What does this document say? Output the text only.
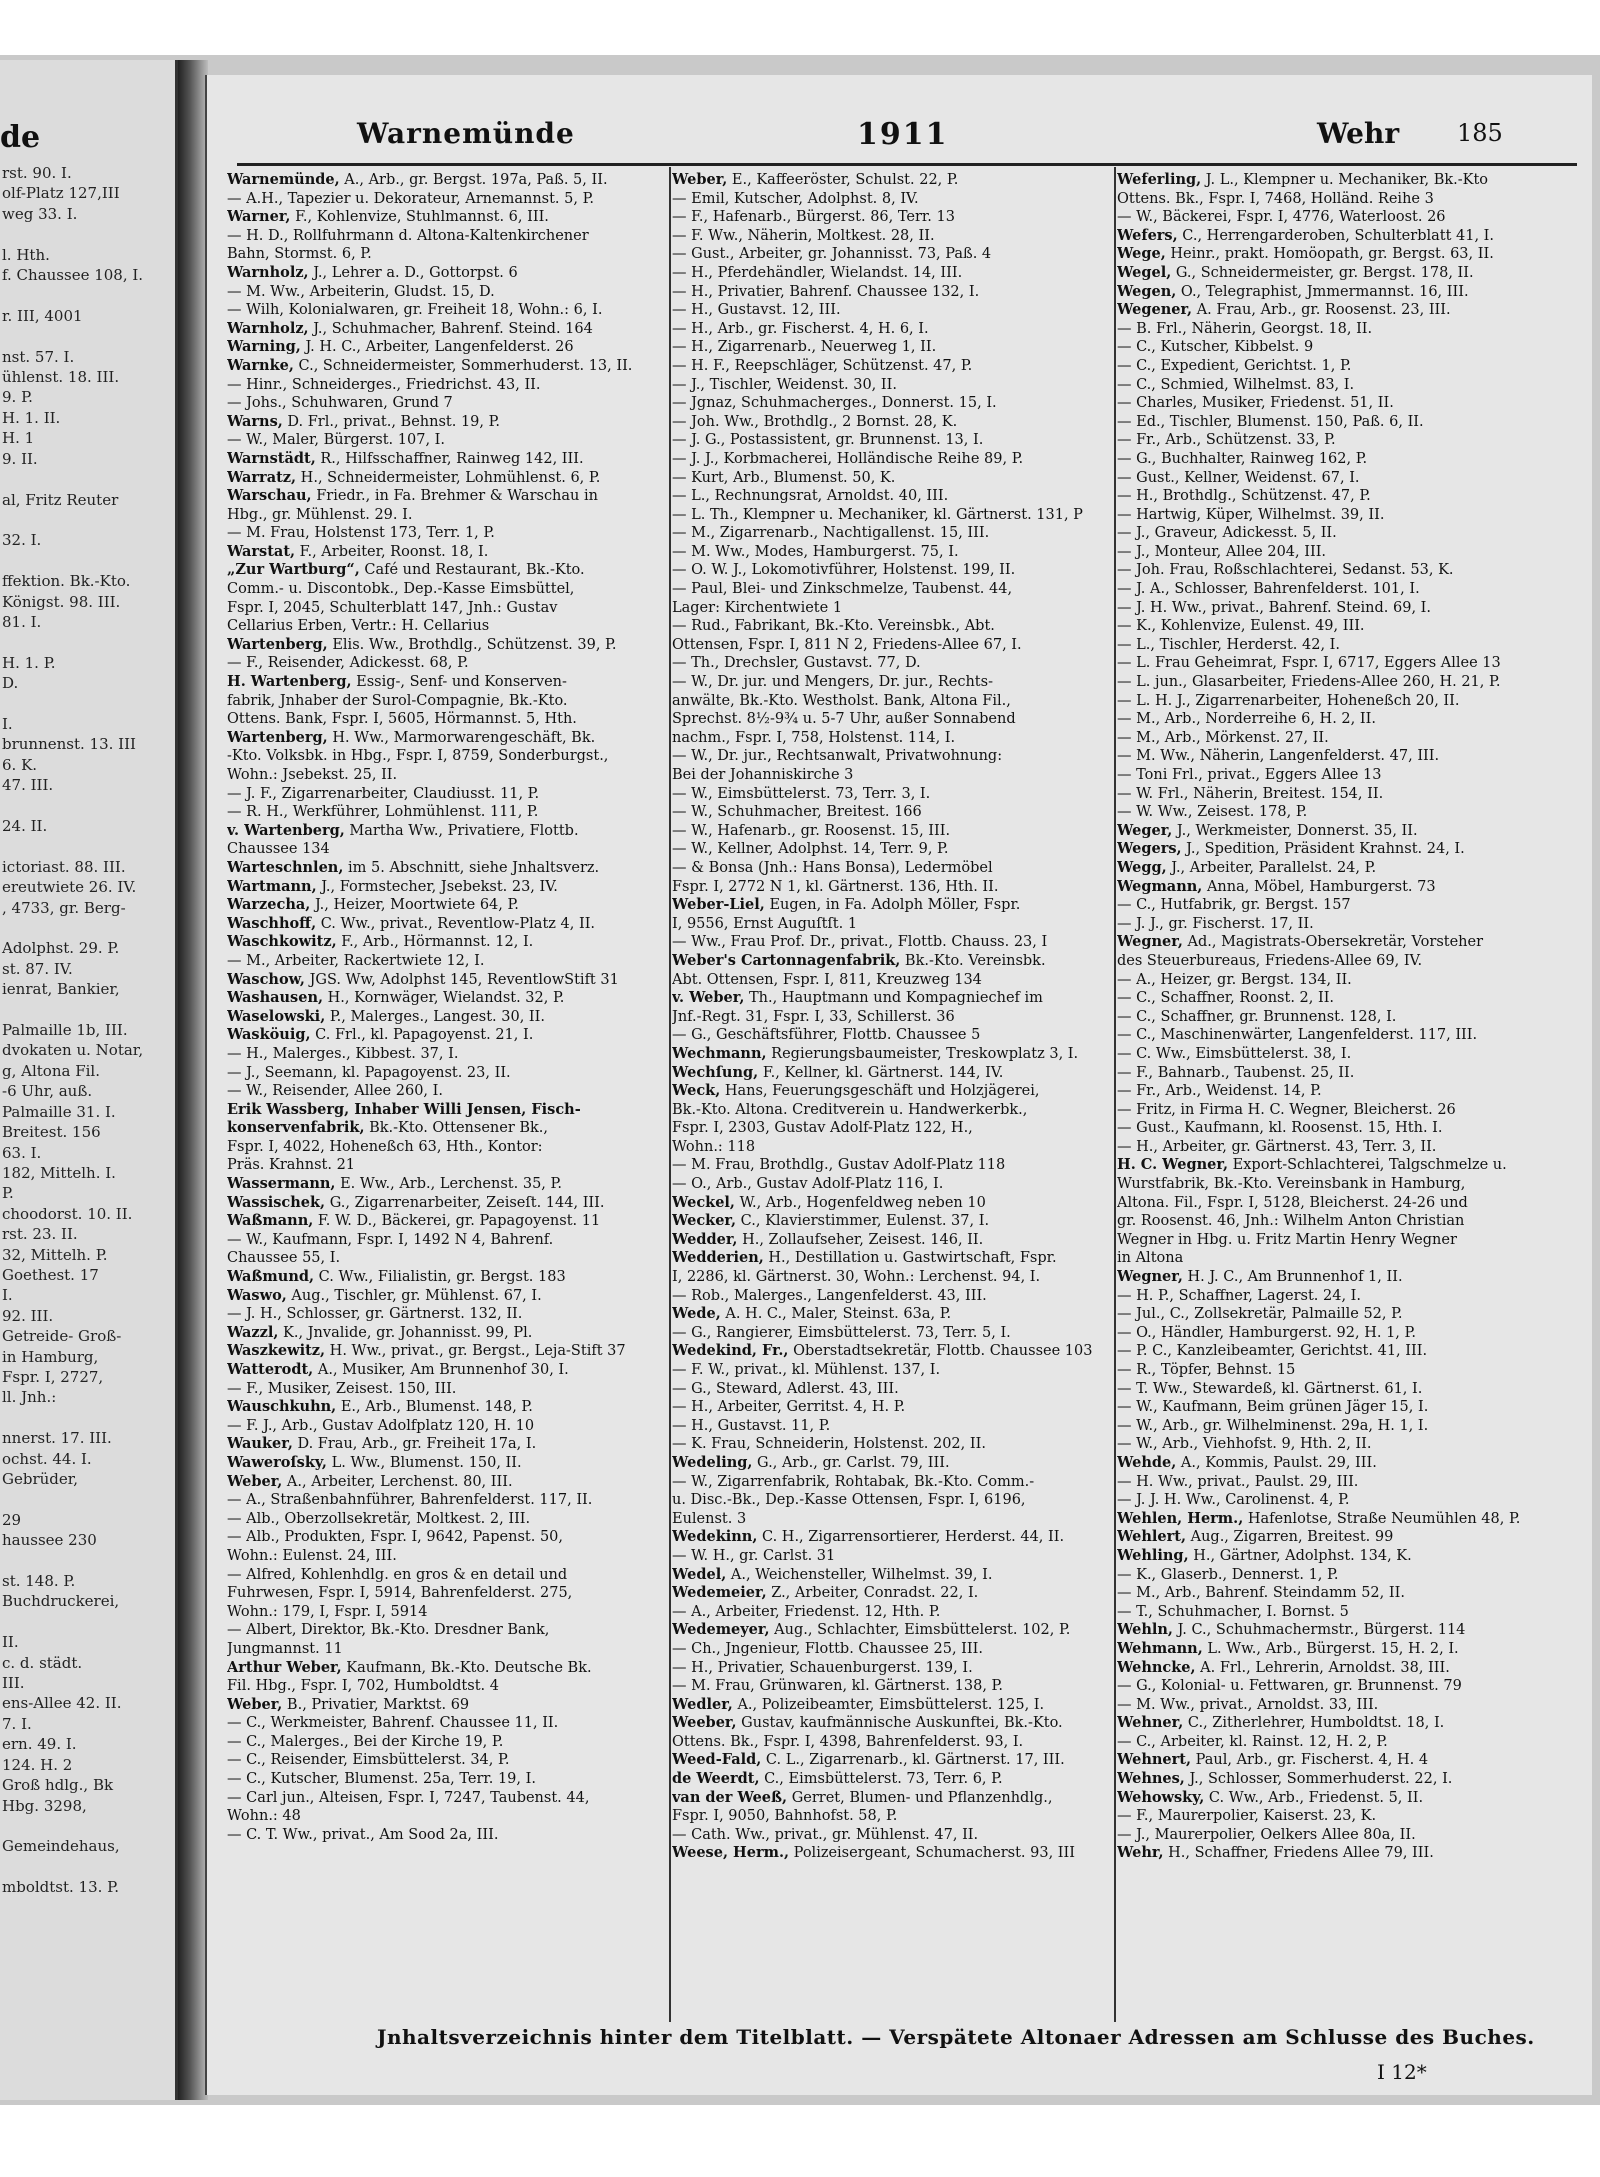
de
rst. 90. I.
olf-Platz 127,III
weg 33. I.

l. Hth.
f. Chaussee 108, I.

r. III, 4001

nst. 57. I.
ühlenst. 18. III.
9. P.
H. 1. II.
H. 1
9. II.

al, Fritz Reuter

32. I.

ffektion. Bk.-Kto.
Königst. 98. III.
81. I.

H. 1. P.
D.

I.
brunnenst. 13. III
6. K.
47. III.

24. II.

ictoriast. 88. III.
ereutwiete 26. IV.
, 4733, gr. Berg-

Adolphst. 29. P.
st. 87. IV.
ienrat, Bankier,

Palmaille 1b, III.
dvokaten u. Notar,
g, Altona Fil.
-6 Uhr, auß.
Palmaille 31. I.
Breitest. 156
63. I.
182, Mittelh. I.
P.
choodorst. 10. II.
rst. 23. II.
32, Mittelh. P.
Goethest. 17
I.
92. III.
Getreide- Groß-
in Hamburg,
Fspr. I, 2727,
ll. Jnh.:

nnerst. 17. III.
ochst. 44. I.
Gebrüder,

29
haussee 230

st. 148. P.
Buchdruckerei,

II.
c. d. städt.
III.
ens-Allee 42. II.
7. I.
ern. 49. I.
124. H. 2
Groß hdlg., Bk
Hbg. 3298,

Gemeindehaus,

mboldtst. 13. P.
Warnemünde	1911	Wehr 185
Warnemünde, A., Arb., gr. Bergst. 197a, Paß. 5, II.
— A.H., Tapezier u. Dekorateur, Arnemannst. 5, P.
Warner, F., Kohlenvize, Stuhlmannst. 6, III.
— H. D., Rollfuhrmann d. Altona-Kaltenkirchener
Bahn, Stormst. 6, P.
Warnholz, J., Lehrer a. D., Gottorpst. 6
— M. Ww., Arbeiterin, Gludst. 15, D.
— Wilh, Kolonialwaren, gr. Freiheit 18, Wohn.: 6, I.
Warnholz, J., Schuhmacher, Bahrenf. Steind. 164
Warning, J. H. C., Arbeiter, Langenfelderst. 26
Warnke, C., Schneidermeister, Sommerhuderst. 13, II.
— Hinr., Schneiderges., Friedrichst. 43, II.
— Johs., Schuhwaren, Grund 7
Warns, D. Frl., privat., Behnst. 19, P.
— W., Maler, Bürgerst. 107, I.
Warnstädt, R., Hilfsschaffner, Rainweg 142, III.
Warratz, H., Schneidermeister, Lohmühlenst. 6, P.
Warschau, Friedr., in Fa. Brehmer & Warschau in
Hbg., gr. Mühlenst. 29. I.
— M. Frau, Holstenst 173, Terr. 1, P.
Warstat, F., Arbeiter, Roonst. 18, I.
„Zur Wartburg“, Café und Restaurant, Bk.-Kto.
Comm.- u. Discontobk., Dep.-Kasse Eimsbüttel,
Fspr. I, 2045, Schulterblatt 147, Jnh.: Gustav
Cellarius Erben, Vertr.: H. Cellarius
Wartenberg, Elis. Ww., Brothdlg., Schützenst. 39, P.
— F., Reisender, Adickesst. 68, P.
H. Wartenberg, Essig-, Senf- und Konserven-
fabrik, Jnhaber der Surol-Compagnie, Bk.-Kto.
Ottens. Bank, Fspr. I, 5605, Hörmannst. 5, Hth.
Wartenberg, H. Ww., Marmorwarengeschäft, Bk.
-Kto. Volksbk. in Hbg., Fspr. I, 8759, Sonderburgst.,
Wohn.: Jsebekst. 25, II.
— J. F., Zigarrenarbeiter, Claudiusst. 11, P.
— R. H., Werkführer, Lohmühlenst. 111, P.
v. Wartenberg, Martha Ww., Privatiere, Flottb.
Chaussee 134
Warteschnlen, im 5. Abschnitt, siehe Jnhaltsverz.
Wartmann, J., Formstecher, Jsebekst. 23, IV.
Warzecha, J., Heizer, Moortwiete 64, P.
Waschhoff, C. Ww., privat., Reventlow-Platz 4, II.
Waschkowitz, F., Arb., Hörmannst. 12, I.
— M., Arbeiter, Rackertwiete 12, I.
Waschow, JGS. Ww, Adolphst 145, ReventlowStift 31
Washausen, H., Kornwäger, Wielandst. 32, P.
Waselowski, P., Malerges., Langest. 30, II.
Wasköuig, C. Frl., kl. Papagoyenst. 21, I.
— H., Malerges., Kibbest. 37, I.
— J., Seemann, kl. Papagoyenst. 23, II.
— W., Reisender, Allee 260, I.
Erik Wassberg, Inhaber Willi Jensen, Fisch-
konservenfabrik, Bk.-Kto. Ottensener Bk.,
Fspr. I, 4022, Hoheneßch 63, Hth., Kontor:
Präs. Krahnst. 21
Wassermann, E. Ww., Arb., Lerchenst. 35, P.
Wassischek, G., Zigarrenarbeiter, Zeiseſt. 144, III.
Waßmann, F. W. D., Bäckerei, gr. Papagoyenst. 11
— W., Kaufmann, Fspr. I, 1492 N 4, Bahrenf.
Chaussee 55, I.
Waßmund, C. Ww., Filialistin, gr. Bergst. 183
Waswo, Aug., Tischler, gr. Mühlenst. 67, I.
— J. H., Schlosser, gr. Gärtnerst. 132, II.
Wazzl, K., Jnvalide, gr. Johannisst. 99, Pl.
Waszkewitz, H. Ww., privat., gr. Bergst., Leja-Stift 37
Watterodt, A., Musiker, Am Brunnenhof 30, I.
— F., Musiker, Zeisest. 150, III.
Wauschkuhn, E., Arb., Blumenst. 148, P.
— F. J., Arb., Gustav Adolfplatz 120, H. 10
Wauker, D. Frau, Arb., gr. Freiheit 17a, I.
Waweroſsky, L. Ww., Blumenst. 150, II.
Weber, A., Arbeiter, Lerchenst. 80, III.
— A., Straßenbahnführer, Bahrenfelderst. 117, II.
— Alb., Oberzollsekretär, Moltkest. 2, III.
— Alb., Produkten, Fspr. I, 9642, Papenst. 50,
Wohn.: Eulenst. 24, III.
— Alfred, Kohlenhdlg. en gros & en detail und
Fuhrwesen, Fspr. I, 5914, Bahrenfelderst. 275,
Wohn.: 179, I, Fspr. I, 5914
— Albert, Direktor, Bk.-Kto. Dresdner Bank,
Jungmannst. 11
Arthur Weber, Kaufmann, Bk.-Kto. Deutsche Bk.
Fil. Hbg., Fspr. I, 702, Humboldtst. 4
Weber, B., Privatier, Marktst. 69
— C., Werkmeister, Bahrenf. Chaussee 11, II.
— C., Malerges., Bei der Kirche 19, P.
— C., Reisender, Eimsbüttelerst. 34, P.
— C., Kutscher, Blumenst. 25a, Terr. 19, I.
— Carl jun., Alteisen, Fspr. I, 7247, Taubenst. 44,
Wohn.: 48
— C. T. Ww., privat., Am Sood 2a, III.
Weber, E., Kaffeeröster, Schulst. 22, P.
— Emil, Kutscher, Adolphst. 8, IV.
— F., Hafenarb., Bürgerst. 86, Terr. 13
— F. Ww., Näherin, Moltkest. 28, II.
— Gust., Arbeiter, gr. Johannisst. 73, Paß. 4
— H., Pferdehändler, Wielandst. 14, III.
— H., Privatier, Bahrenf. Chaussee 132, I.
— H., Gustavst. 12, III.
— H., Arb., gr. Fischerst. 4, H. 6, I.
— H., Zigarrenarb., Neuerweg 1, II.
— H. F., Reepschläger, Schützenst. 47, P.
— J., Tischler, Weidenst. 30, II.
— Jgnaz, Schuhmacherges., Donnerst. 15, I.
— Joh. Ww., Brothdlg., 2 Bornst. 28, K.
— J. G., Postassistent, gr. Brunnenst. 13, I.
— J. J., Korbmacherei, Holländische Reihe 89, P.
— Kurt, Arb., Blumenst. 50, K.
— L., Rechnungsrat, Arnoldst. 40, III.
— L. Th., Klempner u. Mechaniker, kl. Gärtnerst. 131, P
— M., Zigarrenarb., Nachtigallenst. 15, III.
— M. Ww., Modes, Hamburgerst. 75, I.
— O. W. J., Lokomotivführer, Holstenst. 199, II.
— Paul, Blei- und Zinkschmelze, Taubenst. 44,
Lager: Kirchentwiete 1
— Rud., Fabrikant, Bk.-Kto. Vereinsbk., Abt.
Ottensen, Fspr. I, 811 N 2, Friedens-Allee 67, I.
— Th., Drechsler, Gustavst. 77, D.
— W., Dr. jur. und Mengers, Dr. jur., Rechts-
anwälte, Bk.-Kto. Westholst. Bank, Altona Fil.,
Sprechst. 8½-9¾ u. 5-7 Uhr, außer Sonnabend
nachm., Fspr. I, 758, Holstenst. 114, I.
— W., Dr. jur., Rechtsanwalt, Privatwohnung:
Bei der Johanniskirche 3
— W., Eimsbüttelerst. 73, Terr. 3, I.
— W., Schuhmacher, Breitest. 166
— W., Hafenarb., gr. Roosenst. 15, III.
— W., Kellner, Adolphst. 14, Terr. 9, P.
— & Bonsa (Jnh.: Hans Bonsa), Ledermöbel
Fspr. I, 2772 N 1, kl. Gärtnerst. 136, Hth. II.
Weber-Liel, Eugen, in Fa. Adolph Möller, Fspr.
I, 9556, Ernst Auguſtſt. 1
— Ww., Frau Prof. Dr., privat., Flottb. Chauss. 23, I
Weber's Cartonnagenfabrik, Bk.-Kto. Vereinsbk.
Abt. Ottensen, Fspr. I, 811, Kreuzweg 134
v. Weber, Th., Hauptmann und Kompagniechef im
Jnf.-Regt. 31, Fspr. I, 33, Schillerst. 36
— G., Geschäftsführer, Flottb. Chaussee 5
Wechmann, Regierungsbaumeister, Treskowplatz 3, I.
Wechſung, F., Kellner, kl. Gärtnerst. 144, IV.
Weck, Hans, Feuerungsgeschäft und Holzjägerei,
Bk.-Kto. Altona. Creditverein u. Handwerkerbk.,
Fspr. I, 2303, Gustav Adolf-Platz 122, H.,
Wohn.: 118
— M. Frau, Brothdlg., Gustav Adolf-Platz 118
— O., Arb., Gustav Adolf-Platz 116, I.
Weckel, W., Arb., Hogenfeldweg neben 10
Wecker, C., Klavierstimmer, Eulenst. 37, I.
Wedder, H., Zollaufseher, Zeisest. 146, II.
Wedderien, H., Destillation u. Gastwirtschaft, Fspr.
I, 2286, kl. Gärtnerst. 30, Wohn.: Lerchenst. 94, I.
— Rob., Malerges., Langenfelderst. 43, III.
Wede, A. H. C., Maler, Steinst. 63a, P.
— G., Rangierer, Eimsbüttelerst. 73, Terr. 5, I.
Wedekind, Fr., Oberstadtsekretär, Flottb. Chaussee 103
— F. W., privat., kl. Mühlenst. 137, I.
— G., Steward, Adlerst. 43, III.
— H., Arbeiter, Gerritst. 4, H. P.
— H., Gustavst. 11, P.
— K. Frau, Schneiderin, Holstenst. 202, II.
Wedeling, G., Arb., gr. Carlst. 79, III.
— W., Zigarrenfabrik, Rohtabak, Bk.-Kto. Comm.-
u. Disc.-Bk., Dep.-Kasse Ottensen, Fspr. I, 6196,
Eulenst. 3
Wedekinn, C. H., Zigarrensortierer, Herderst. 44, II.
— W. H., gr. Carlst. 31
Wedel, A., Weichensteller, Wilhelmst. 39, I.
Wedemeier, Z., Arbeiter, Conradst. 22, I.
— A., Arbeiter, Friedenst. 12, Hth. P.
Wedemeyer, Aug., Schlachter, Eimsbüttelerst. 102, P.
— Ch., Jngenieur, Flottb. Chaussee 25, III.
— H., Privatier, Schauenburgerst. 139, I.
— M. Frau, Grünwaren, kl. Gärtnerst. 138, P.
Wedler, A., Polizeibeamter, Eimsbüttelerst. 125, I.
Weeber, Gustav, kaufmännische Auskunftei, Bk.-Kto.
Ottens. Bk., Fspr. I, 4398, Bahrenfelderst. 93, I.
Weed-Fald, C. L., Zigarrenarb., kl. Gärtnerst. 17, III.
de Weerdt, C., Eimsbüttelerst. 73, Terr. 6, P.
van der Weeß, Gerret, Blumen- und Pflanzenhdlg.,
Fspr. I, 9050, Bahnhofst. 58, P.
— Cath. Ww., privat., gr. Mühlenst. 47, II.
Weese, Herm., Polizeisergeant, Schumacherst. 93, III
Weferling, J. L., Klempner u. Mechaniker, Bk.-Kto
Ottens. Bk., Fspr. I, 7468, Holländ. Reihe 3
— W., Bäckerei, Fspr. I, 4776, Waterloost. 26
Wefers, C., Herrengarderoben, Schulterblatt 41, I.
Wege, Heinr., prakt. Homöopath, gr. Bergst. 63, II.
Wegel, G., Schneidermeister, gr. Bergst. 178, II.
Wegen, O., Telegraphist, Jmmermannst. 16, III.
Wegener, A. Frau, Arb., gr. Roosenst. 23, III.
— B. Frl., Näherin, Georgst. 18, II.
— C., Kutscher, Kibbelst. 9
— C., Expedient, Gerichtst. 1, P.
— C., Schmied, Wilhelmst. 83, I.
— Charles, Musiker, Friedenst. 51, II.
— Ed., Tischler, Blumenst. 150, Paß. 6, II.
— Fr., Arb., Schützenst. 33, P.
— G., Buchhalter, Rainweg 162, P.
— Gust., Kellner, Weidenst. 67, I.
— H., Brothdlg., Schützenst. 47, P.
— Hartwig, Küper, Wilhelmst. 39, II.
— J., Graveur, Adickesst. 5, II.
— J., Monteur, Allee 204, III.
— Joh. Frau, Roßschlachterei, Sedanst. 53, K.
— J. A., Schlosser, Bahrenfelderst. 101, I.
— J. H. Ww., privat., Bahrenf. Steind. 69, I.
— K., Kohlenvize, Eulenst. 49, III.
— L., Tischler, Herderst. 42, I.
— L. Frau Geheimrat, Fspr. I, 6717, Eggers Allee 13
— L. jun., Glasarbeiter, Friedens-Allee 260, H. 21, P.
— L. H. J., Zigarrenarbeiter, Hoheneßch 20, II.
— M., Arb., Norderreihe 6, H. 2, II.
— M., Arb., Mörkenst. 27, II.
— M. Ww., Näherin, Langenfelderst. 47, III.
— Toni Frl., privat., Eggers Allee 13
— W. Frl., Näherin, Breitest. 154, II.
— W. Ww., Zeisest. 178, P.
Weger, J., Werkmeister, Donnerst. 35, II.
Wegers, J., Spedition, Präsident Krahnst. 24, I.
Wegg, J., Arbeiter, Parallelst. 24, P.
Wegmann, Anna, Möbel, Hamburgerst. 73
— C., Hutfabrik, gr. Bergst. 157
— J. J., gr. Fischerst. 17, II.
Wegner, Ad., Magistrats-Obersekretär, Vorsteher
des Steuerbureaus, Friedens-Allee 69, IV.
— A., Heizer, gr. Bergst. 134, II.
— C., Schaffner, Roonst. 2, II.
— C., Schaffner, gr. Brunnenst. 128, I.
— C., Maschinenwärter, Langenfelderst. 117, III.
— C. Ww., Eimsbüttelerst. 38, I.
— F., Bahnarb., Taubenst. 25, II.
— Fr., Arb., Weidenst. 14, P.
— Fritz, in Firma H. C. Wegner, Bleicherst. 26
— Gust., Kaufmann, kl. Roosenst. 15, Hth. I.
— H., Arbeiter, gr. Gärtnerst. 43, Terr. 3, II.
H. C. Wegner, Export-Schlachterei, Talgschmelze u.
Wurstfabrik, Bk.-Kto. Vereinsbank in Hamburg,
Altona. Fil., Fspr. I, 5128, Bleicherst. 24-26 und
gr. Roosenst. 46, Jnh.: Wilhelm Anton Christian
Wegner in Hbg. u. Fritz Martin Henry Wegner
in Altona
Wegner, H. J. C., Am Brunnenhof 1, II.
— H. P., Schaffner, Lagerst. 24, I.
— Jul., C., Zollsekretär, Palmaille 52, P.
— O., Händler, Hamburgerst. 92, H. 1, P.
— P. C., Kanzleibeamter, Gerichtst. 41, III.
— R., Töpfer, Behnst. 15
— T. Ww., Stewardeß, kl. Gärtnerst. 61, I.
— W., Kaufmann, Beim grünen Jäger 15, I.
— W., Arb., gr. Wilhelminenst. 29a, H. 1, I.
— W., Arb., Viehhofst. 9, Hth. 2, II.
Wehde, A., Kommis, Paulst. 29, III.
— H. Ww., privat., Paulst. 29, III.
— J. J. H. Ww., Carolinenst. 4, P.
Wehlen, Herm., Hafenlotse, Straße Neumühlen 48, P.
Wehlert, Aug., Zigarren, Breitest. 99
Wehling, H., Gärtner, Adolphst. 134, K.
— K., Glaserb., Dennerst. 1, P.
— M., Arb., Bahrenf. Steindamm 52, II.
— T., Schuhmacher, I. Bornst. 5
Wehln, J. C., Schuhmachermstr., Bürgerst. 114
Wehmann, L. Ww., Arb., Bürgerst. 15, H. 2, I.
Wehncke, A. Frl., Lehrerin, Arnoldst. 38, III.
— G., Kolonial- u. Fettwaren, gr. Brunnenst. 79
— M. Ww., privat., Arnoldst. 33, III.
Wehner, C., Zitherlehrer, Humboldtst. 18, I.
— C., Arbeiter, kl. Rainst. 12, H. 2, P.
Wehnert, Paul, Arb., gr. Fischerst. 4, H. 4
Wehnes, J., Schlosser, Sommerhuderst. 22, I.
Wehowsky, C. Ww., Arb., Friedenst. 5, II.
— F., Maurerpolier, Kaiserst. 23, K.
— J., Maurerpolier, Oelkers Allee 80a, II.
Wehr, H., Schaffner, Friedens Allee 79, III.
Jnhaltsverzeichnis hinter dem Titelblatt. — Verspätete Altonaer Adressen am Schlusse des Buches.
I 12*
